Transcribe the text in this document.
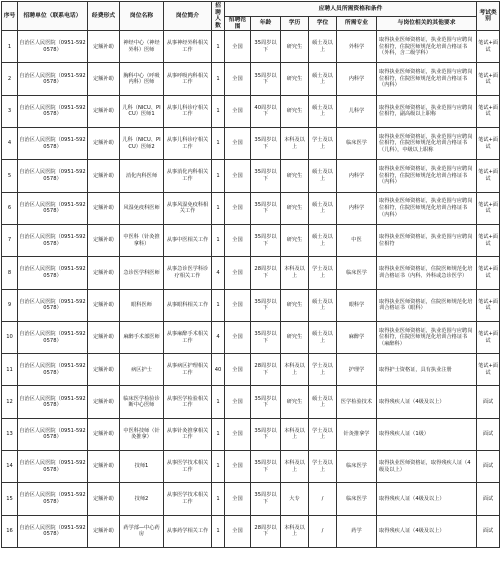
序号	招聘单位（联系电话）	经费形式	岗位名称	岗位简介	招聘人数	应聘人员所需资格和条件						考试类别
						招聘范围	年龄	学历	学位	所需专业	与岗位相关的其他要求	
1	自治区人民医院（0951-5920578）	定额补助	神经中心（神经外科）医师	从事神经外科相关工作	1	全国	35周岁以下	研究生	硕士及以上	外科学	取得执业医师资格证，执业范围与应聘岗位相符，住院医师规范化培训合格证书（外科，含二级学科）	笔试+面试
2	自治区人民医院（0951-5920578）	定额补助	胸科中心（呼吸内科）医师	从事呼吸内科相关工作	1	全国	35周岁以下	研究生	硕士及以上	内科学	取得执业医师资格证，执业范围与应聘岗位相符，住院医师规范化培训合格证书（内科）	笔试+面试
3	自治区人民医院（0951-5920578）	定额补助	儿科（NICU、PICU）医师1	从事儿科诊疗相关工作	1	全国	40周岁以下	研究生	硕士及以上	儿科学	取得执业医师资格证，执业范围与应聘岗位相符，副高级以上职称	笔试+面试
4	自治区人民医院（0951-5920578）	定额补助	儿科（NICU、PICU）医师2	从事儿科诊疗相关工作	1	全国	35周岁以下	本科及以上	学士及以上	临床医学	取得执业医师资格证，执业范围与应聘岗位相符，住院医师规范化培训合格证书（儿科），中级以上职称	笔试+面试
5	自治区人民医院（0951-5920578）	定额补助	消化内科医师	从事消化内科相关工作	1	全国	35周岁以下	研究生	硕士及以上	内科学	取得执业医师资格证，执业范围与应聘岗位相符，住院医师规范化培训合格证书（内科）	笔试+面试
6	自治区人民医院（0951-5920578）	定额补助	风湿免疫科医师	从事风湿免疫科相关工作	1	全国	35周岁以下	研究生	硕士及以上	内科学	取得执业医师资格证，执业范围与应聘岗位相符，住院医师规范化培训合格证书（内科）	笔试+面试
7	自治区人民医院（0951-5920578）	定额补助	中医科（针灸推拿科）	从事中医相关工作	1	全国	35周岁以下	研究生	硕士及以上	中医	取得执业医师资格证，执业范围与应聘岗位相符	笔试+面试
8	自治区人民医院（0951-5920578）	定额补助	急诊医学科医师	从事急诊医学科诊疗相关工作	4	全国	28周岁以下	本科及以上	学士及以上	临床医学	取得执业医师资格证，住院医师规范化培训合格证书（内科、外科或急诊医学）	笔试+面试
9	自治区人民医院（0951-5920578）	定额补助	眼科医师	从事眼科相关工作	1	全国	35周岁以下	研究生	硕士及以上	眼科学	取得执业医师资格证，住院医师规范化培训合格证书（眼科）	笔试+面试
10	自治区人民医院（0951-5920578）	定额补助	麻醉手术部医师	从事麻醉手术相关工作	4	全国	35周岁以下	研究生	硕士及以上	麻醉学	取得执业医师资格证，执业范围与应聘岗位相符，住院医师规范化培训合格证书（麻醉科）	笔试+面试
11	自治区人民医院（0951-5920578）	定额补助	病区护士	从事病区护理相关工作	40	全国	28周岁以下	本科及以上	学士及以上	护理学	取得护士资格证，具有执业注册	笔试+面试
12	自治区人民医院（0951-5920578）	定额补助	临床医学检验诊断中心医师	从事医学检验相关工作	1	全国	35周岁以下	研究生	硕士及以上	医学检验技术	取得残疾人证（4级及以上）	面试
13	自治区人民医院（0951-5920578）	定额补助	中医科技师（针灸推拿）	从事针灸推拿相关工作	1	全国	35周岁以下	本科及以上	学士及以上	针灸推拿学	取得残疾人证（1级）	面试
14	自治区人民医院（0951-5920578）	定额补助	技师1	从事医学技术相关工作	1	全国	35周岁以下	本科及以上	学士及以上	临床医学	取得执业医师资格证，取得残疾人证（4级及以上）	面试
15	自治区人民医院（0951-5920578）	定额补助	技师2	从事医学技术相关工作	1	全国	35周岁以下	大专	/	临床医学	取得残疾人证（4级及以上）	面试
16	自治区人民医院（0951-5920578）	定额补助	药学部—中心药房	从事药学相关工作	1	全国	28周岁以下	本科及以上	/	药学	取得残疾人证（4级及以上）	面试
